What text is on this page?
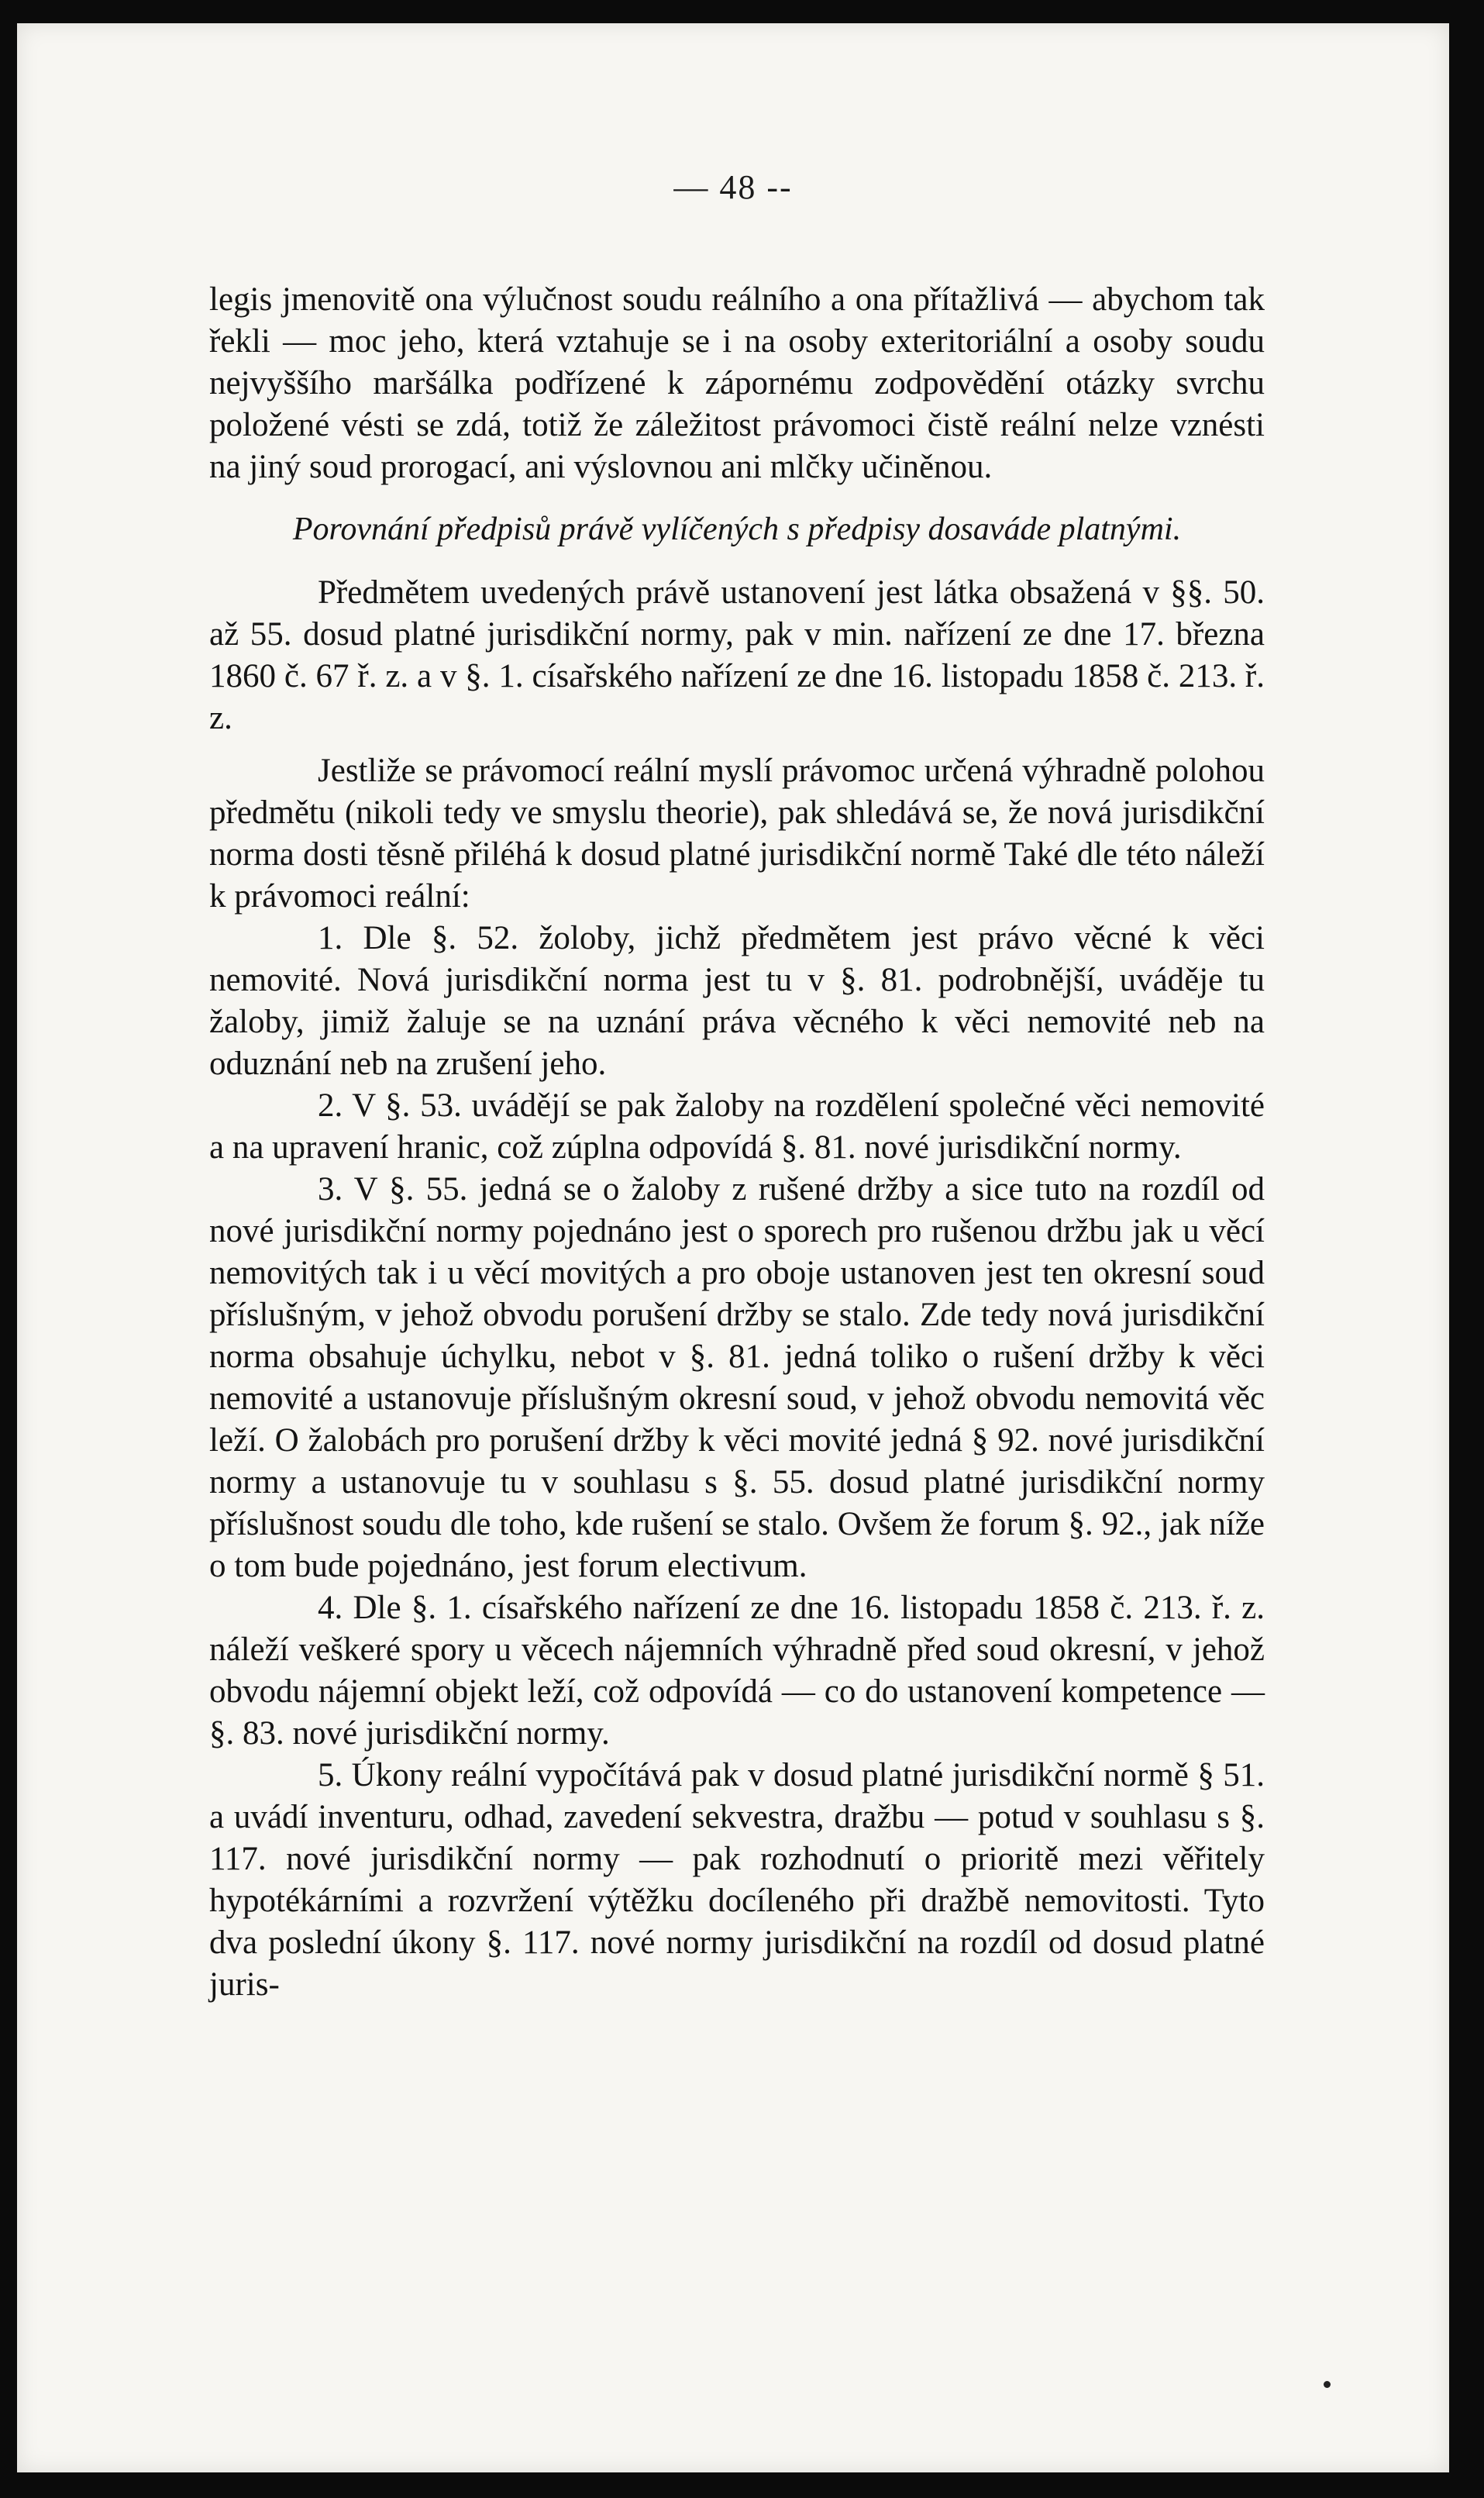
— 48 --

legis jmenovitě ona výlučnost soudu reálního a ona přítažlivá — abychom tak řekli — moc jeho, která vztahuje se i na osoby exteritoriální a osoby soudu nejvyššího maršálka podřízené k zápornému zodpovědění otázky svrchu položené vésti se zdá, totiž že záležitost právomoci čistě reální nelze vznésti na jiný soud prorogací, ani výslovnou ani mlčky učiněnou.

Porovnání předpisů právě vylíčených s předpisy dosaváde platnými.

Předmětem uvedených právě ustanovení jest látka obsažená v §§. 50. až 55. dosud platné jurisdikční normy, pak v min. nařízení ze dne 17. března 1860 č. 67 ř. z. a v §. 1. císařského nařízení ze dne 16. listopadu 1858 č. 213. ř. z.

Jestliže se právomocí reální myslí právomoc určená výhradně polohou předmětu (nikoli tedy ve smyslu theorie), pak shledává se, že nová jurisdikční norma dosti těsně přiléhá k dosud platné jurisdikční normě Také dle této náleží k právomoci reální:

1. Dle §. 52. žoloby, jichž předmětem jest právo věcné k věci nemovité. Nová jurisdikční norma jest tu v §. 81. podrobnější, uváděje tu žaloby, jimiž žaluje se na uznání práva věcného k věci nemovité neb na oduznání neb na zrušení jeho.

2. V §. 53. uvádějí se pak žaloby na rozdělení společné věci nemovité a na upravení hranic, což zúplna odpovídá §. 81. nové jurisdikční normy.

3. V §. 55. jedná se o žaloby z rušené držby a sice tuto na rozdíl od nové jurisdikční normy pojednáno jest o sporech pro rušenou držbu jak u věcí nemovitých tak i u věcí movitých a pro oboje ustanoven jest ten okresní soud příslušným, v jehož obvodu porušení držby se stalo. Zde tedy nová jurisdikční norma obsahuje úchylku, nebot v §. 81. jedná toliko o rušení držby k věci nemovité a ustanovuje příslušným okresní soud, v jehož obvodu nemovitá věc leží. O žalobách pro porušení držby k věci movité jedná § 92. nové jurisdikční normy a ustanovuje tu v souhlasu s §. 55. dosud platné jurisdikční normy příslušnost soudu dle toho, kde rušení se stalo. Ovšem že forum §. 92., jak níže o tom bude pojednáno, jest forum electivum.

4. Dle §. 1. císařského nařízení ze dne 16. listopadu 1858 č. 213. ř. z. náleží veškeré spory u věcech nájemních výhradně před soud okresní, v jehož obvodu nájemní objekt leží, což odpovídá — co do ustanovení kompetence — §. 83. nové jurisdikční normy.

5. Úkony reální vypočítává pak v dosud platné jurisdikční normě § 51. a uvádí inventuru, odhad, zavedení sekvestra, dražbu — potud v souhlasu s §. 117. nové jurisdikční normy — pak rozhodnutí o prioritě mezi věřitely hypotékárními a rozvržení výtěžku docíleného při dražbě nemovitosti. Tyto dva poslední úkony §. 117. nové normy jurisdikční na rozdíl od dosud platné juris-
